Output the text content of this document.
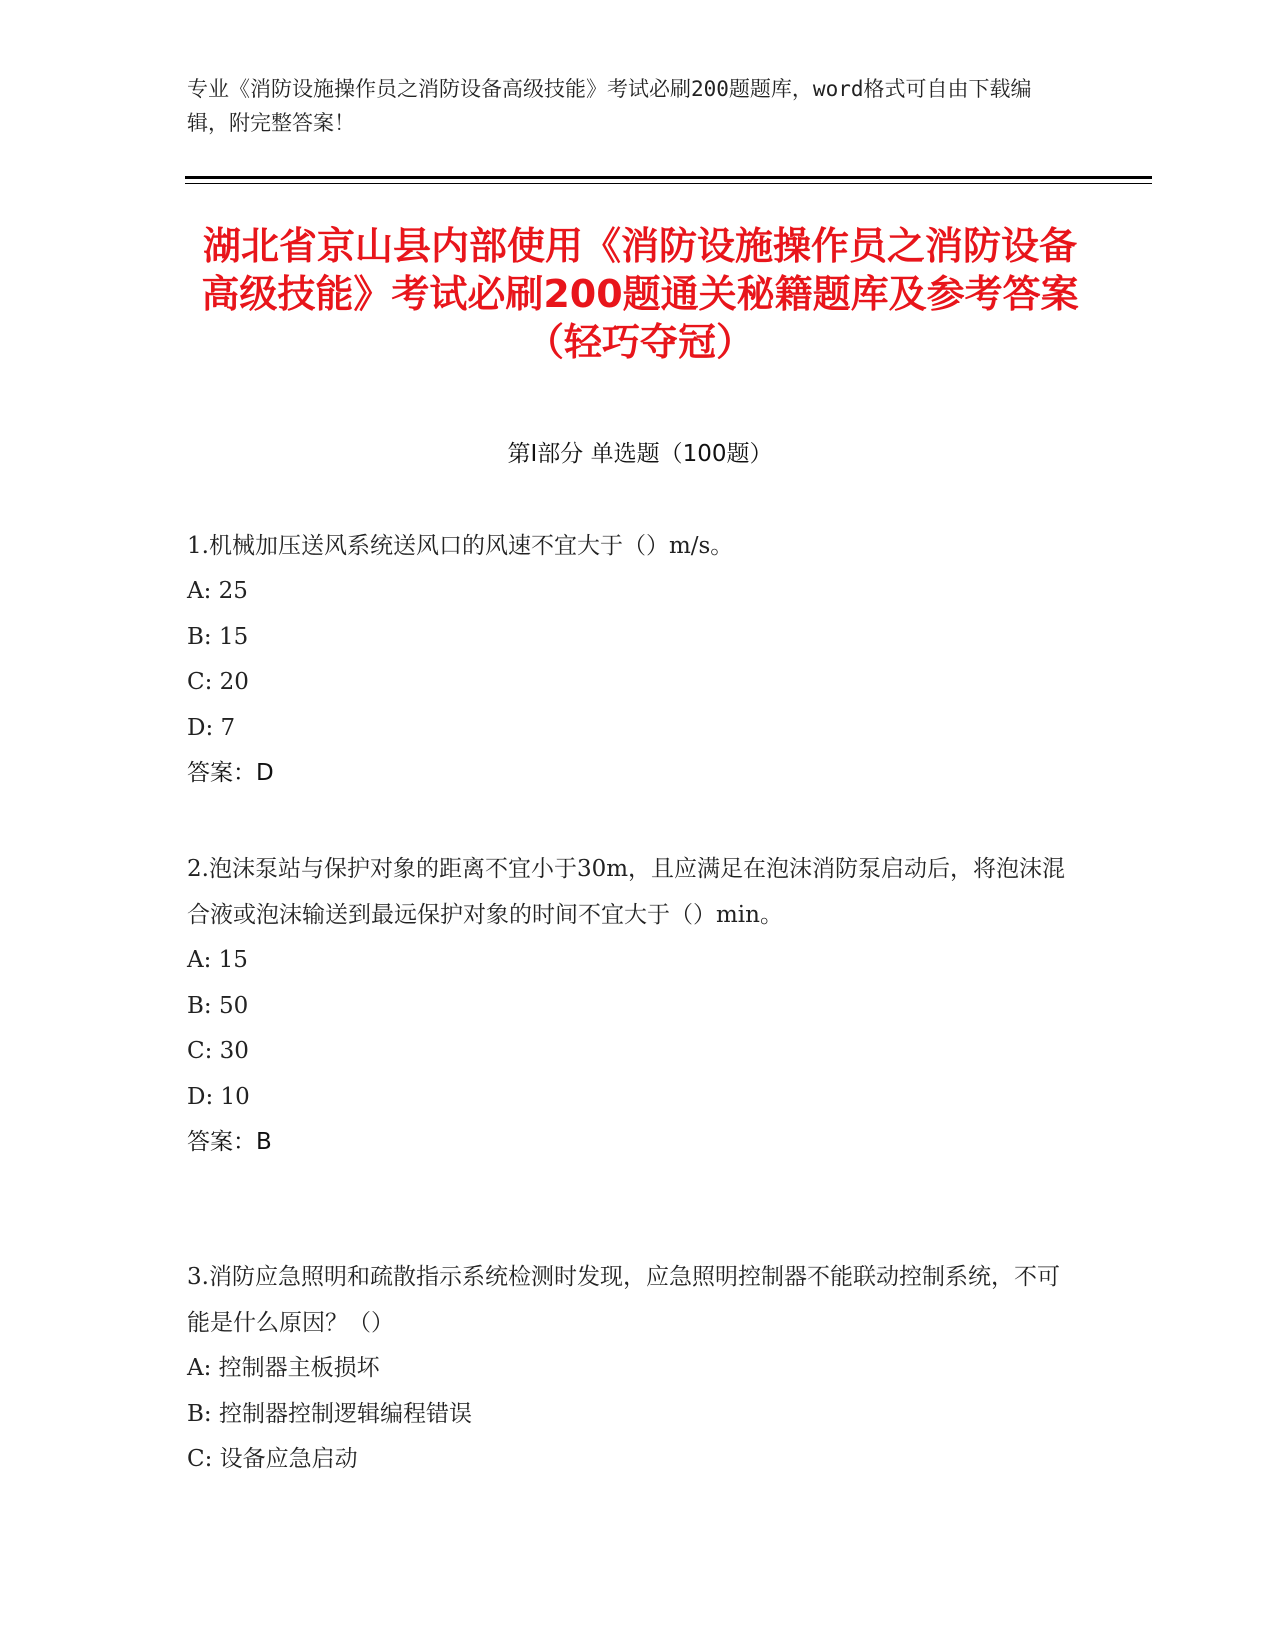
专业《消防设施操作员之消防设备高级技能》考试必刷200题题库，word格式可自由下载编辑，附完整答案！
湖北省京山县内部使用《消防设施操作员之消防设备高级技能》考试必刷200题通关秘籍题库及参考答案（轻巧夺冠）
第I部分 单选题（100题）
1.机械加压送风系统送风口的风速不宜大于（）m/s。
A: 25
B: 15
C: 20
D: 7
答案：D
2.泡沫泵站与保护对象的距离不宜小于30m，且应满足在泡沫消防泵启动后，将泡沫混合液或泡沫输送到最远保护对象的时间不宜大于（）min。
A: 15
B: 50
C: 30
D: 10
答案：B
3.消防应急照明和疏散指示系统检测时发现，应急照明控制器不能联动控制系统，不可能是什么原因？（）
A: 控制器主板损坏
B: 控制器控制逻辑编程错误
C: 设备应急启动
